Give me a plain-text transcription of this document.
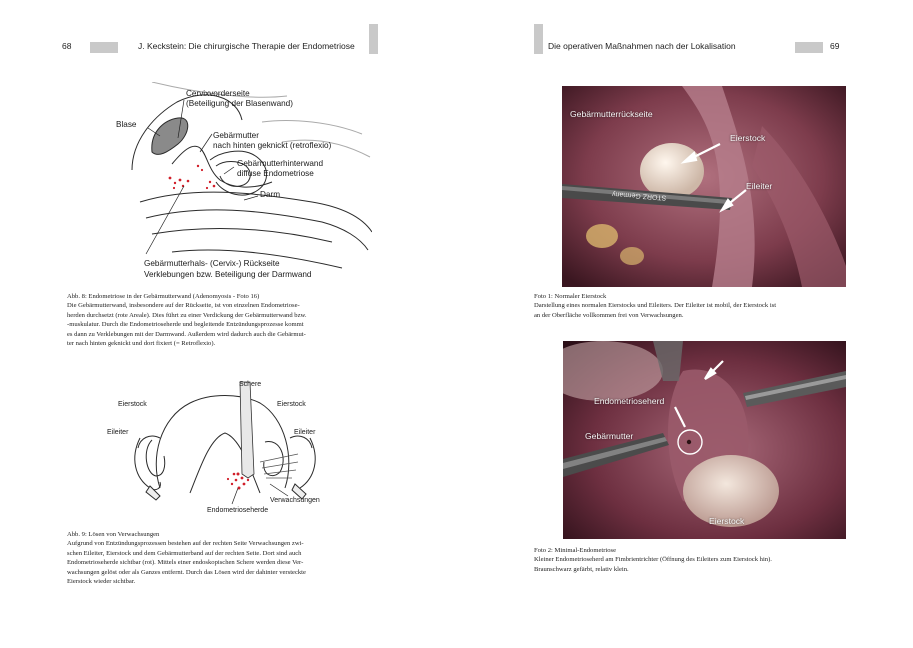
68	J. Keckstein: Die chirurgische Therapie der Endometriose
Cervixvorderseite
(Beteiligung der Blasenwand)
Blase
Gebärmutter
nach hinten geknickt (retroflexio)
Gebärmutterhinterwand
diffuse Endometriose
Darm
Gebärmutterhals- (Cervix-) Rückseite
Verklebungen bzw. Beteiligung der Darmwand
Abb. 8: Endometriose in der Gebärmutterwand (Adenomyosis - Foto 16)
Die Gebärmutterwand, insbesondere auf der Rückseite, ist von einzelnen Endometriose-
herden durchsetzt (rote Areale). Dies führt zu einer Verdickung der Gebärmutterwand bzw.
-muskulatur. Durch die Endometrioseherde und begleitende Entzündungsprozesse kommt
es dann zu Verklebungen mit der Darmwand. Außerdem wird dadurch auch die Gebärmut-
ter nach hinten geknickt und dort fixiert (= Retroflexio).
Schere
Eierstock	Eierstock
Eileiter	Eileiter
Verwachsungen
Endometrioseherde
Abb. 9: Lösen von Verwachsungen
Aufgrund von Entzündungsprozessen bestehen auf der rechten Seite Verwachsungen zwi-
schen Eileiter, Eierstock und dem Gebärmutterband auf der rechten Seite. Dort sind auch
Endometrioseherde sichtbar (rot). Mittels einer endoskopischen Schere werden diese Ver-
wachsungen gelöst oder als Ganzes entfernt. Durch das Lösen wird der dahinter versteckte
Eierstock wieder sichtbar.
Die operativen Maßnahmen nach der Lokalisation	69
Gebärmutterrückseite
Eierstock
Eileiter
STORZ Germany
Foto 1: Normaler Eierstock
Darstellung eines normalen Eierstocks und Eileiters. Der Eileiter ist mobil, der Eierstock ist
an der Oberfläche vollkommen frei von Verwachsungen.
Endometrioseherd
Gebärmutter
Eierstock
Foto 2: Minimal-Endometriose
Kleiner Endometrioseherd am Fimbrientrichter (Öffnung des Eileiters zum Eierstock hin).
Braunschwarz gefärbt, relativ klein.
